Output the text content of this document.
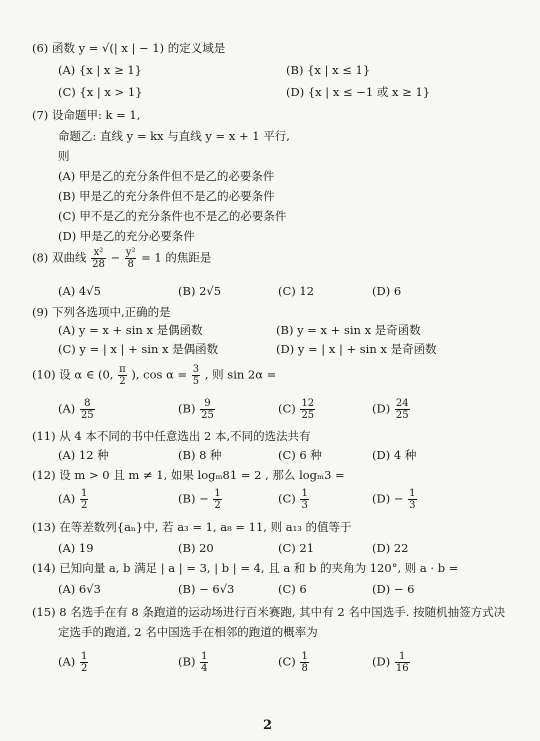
(6) 函数 y = √(| x | − 1) 的定义域是
(A) {x | x ≥ 1}	(B) {x | x ≤ 1}
(C) {x | x > 1}	(D) {x | x ≤ −1 或 x ≥ 1}
(7) 设命题甲: k = 1,
命题乙: 直线 y = kx 与直线 y = x + 1 平行,
则
(A) 甲是乙的充分条件但不是乙的必要条件
(B) 甲是乙的充分条件但不是乙的必要条件
(C) 甲不是乙的充分条件也不是乙的必要条件
(D) 甲是乙的充分必要条件
(8) 双曲线 $\frac{\text{x²}}{28} - \frac{\text{y²}}{8} = 1$ 的焦距是
(A) 4√5	(B) 2√5	(C) 12	(D) 6
(9) 下列各选项中,正确的是
(A) y = x + sin x 是偶函数	(B) y = x + sin x 是奇函数
(C) y = | x | + sin x 是偶函数	(D) y = | x | + sin x 是奇函数
(10) 设 α ∈ (0, $\frac{\pi}{2}$ ), $\cos \alpha = \frac{3}{5}$ , 则 sin 2α =
$(A) \frac{8}{25}$	$(B) \frac{9}{25}$	$(C) \frac{12}{25}$	$(D) \frac{24}{25}$
(11) 从 4 本不同的书中任意选出 2 本,不同的选法共有
(A) 12 种	(B) 8 种	(C) 6 种	(D) 4 种
(12) 设 m > 0 且 m ≠ 1, 如果 logₘ81 = 2 , 那么 logₘ3 =
$(A) \frac{1}{2}$	$(B) - \frac{1}{2}$	$(C) \frac{1}{3}$	$(D) - \frac{1}{3}$
(13) 在等差数列{aₙ}中, 若 a₃ = 1, a₈ = 11, 则 a₁₃ 的值等于
(A) 19	(B) 20	(C) 21	(D) 22
(14) 已知向量 a, b 满足 | a | = 3, | b | = 4, 且 a 和 b 的夹角为 120°, 则 a · b =
(A) 6√3	(B) − 6√3	(C) 6	(D) − 6
(15) 8 名选手在有 8 条跑道的运动场进行百米赛跑, 其中有 2 名中国选手. 按随机抽签方式决
定选手的跑道, 2 名中国选手在相邻的跑道的概率为
$(A) \frac{1}{2}$	$(B) \frac{1}{4}$	$(C) \frac{1}{8}$	$(D) \frac{1}{16}$
2
